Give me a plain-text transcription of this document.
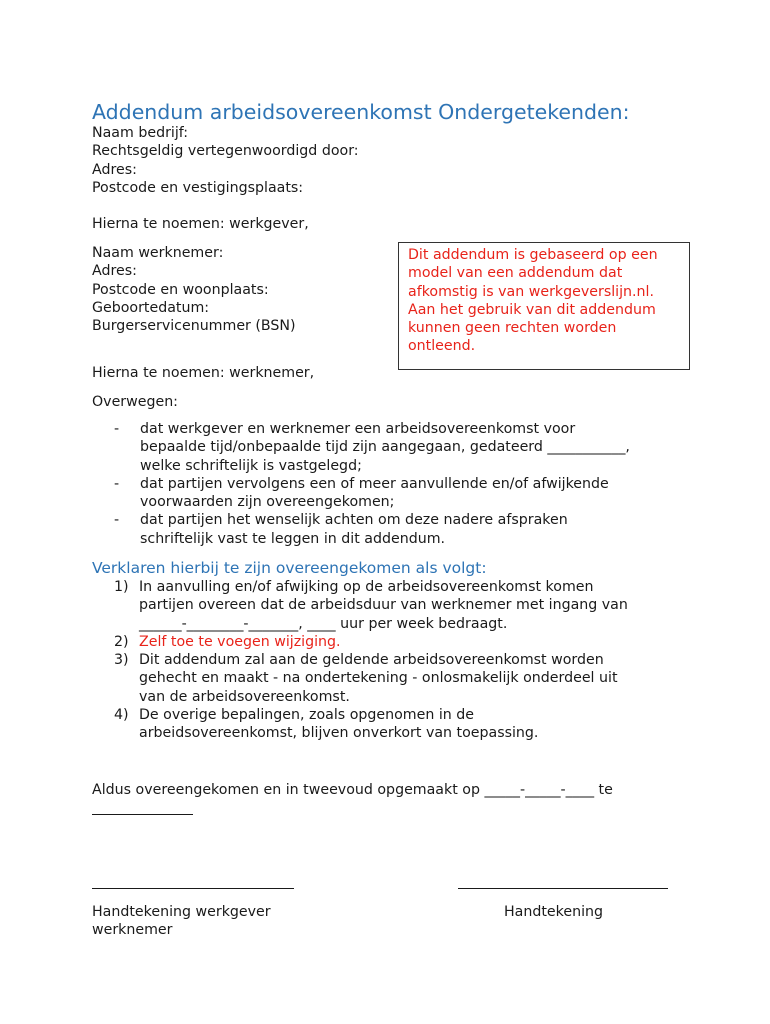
Addendum arbeidsovereenkomst Ondergetekenden:
Naam bedrijf:
Rechtsgeldig vertegenwoordigd door:
Adres:
Postcode en vestigingsplaats:
Hierna te noemen: werkgever,
Naam werknemer:
Adres:
Postcode en woonplaats:
Geboortedatum:
Burgerservicenummer (BSN)
Dit addendum is gebaseerd op een
model van een addendum dat
afkomstig is van werkgeverslijn.nl.
Aan het gebruik van dit addendum
kunnen geen rechten worden
ontleend.
Hierna te noemen: werknemer,
Overwegen:
- dat werkgever en werknemer een arbeidsovereenkomst voor
bepaalde tijd/onbepaalde tijd zijn aangegaan, gedateerd ___________,
welke schriftelijk is vastgelegd;
- dat partijen vervolgens een of meer aanvullende en/of afwijkende
voorwaarden zijn overeengekomen;
- dat partijen het wenselijk achten om deze nadere afspraken
schriftelijk vast te leggen in dit addendum.
Verklaren hierbij te zijn overeengekomen als volgt:
1) In aanvulling en/of afwijking op de arbeidsovereenkomst komen
partijen overeen dat de arbeidsduur van werknemer met ingang van
______-________-_______, ____ uur per week bedraagt.
2) Zelf toe te voegen wijziging.
3) Dit addendum zal aan de geldende arbeidsovereenkomst worden
gehecht en maakt - na ondertekening - onlosmakelijk onderdeel uit
van de arbeidsovereenkomst.
4) De overige bepalingen, zoals opgenomen in de
arbeidsovereenkomst, blijven onverkort van toepassing.
Aldus overeengekomen en in tweevoud opgemaakt op _____-_____-____ te
Handtekening werkgever	Handtekening
werknemer
